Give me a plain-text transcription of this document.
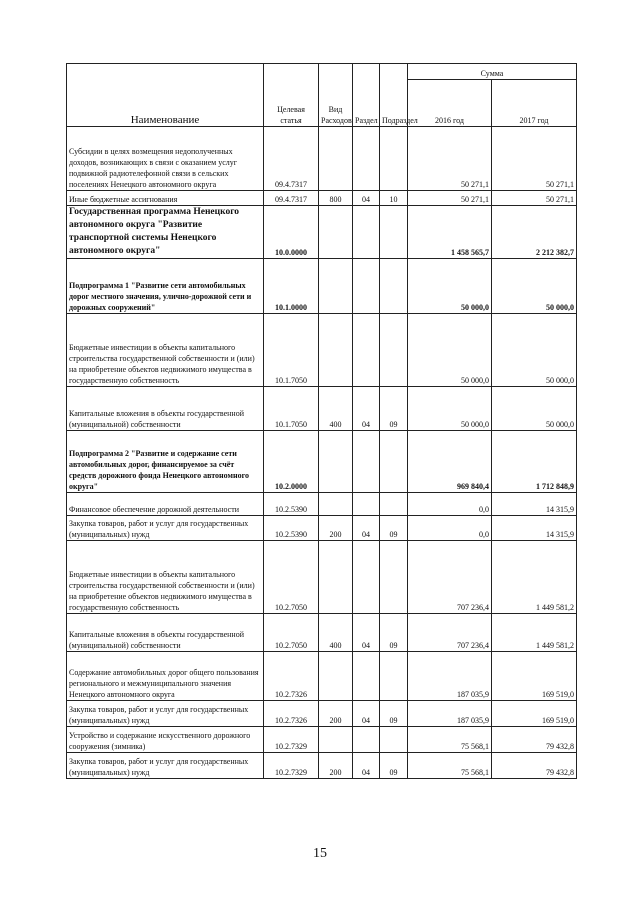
Наименование	Целевая статья	Вид Расходов	Раздел	Подраздел	Сумма	
					2016 год	2017 год
Субсидии в целях возмещения недополученных доходов, возникающих в связи с оказанием услуг подвижной радиотелефонной связи в сельских поселениях Ненецкого автономного округа	09.4.7317				50 271,1	50 271,1
Иные бюджетные ассигнования	09.4.7317	800	04	10	50 271,1	50 271,1
Государственная программа Ненецкого автономного округа "Развитие транспортной системы Ненецкого автономного округа"	10.0.0000				1 458 565,7	2 212 382,7
Подпрограмма 1 "Развитие сети автомобильных дорог местного значения, улично-дорожной сети и дорожных сооружений"	10.1.0000				50 000,0	50 000,0
Бюджетные инвестиции в объекты капитального строительства государственной собственности и (или) на приобретение объектов недвижимого имущества в государственную собственность	10.1.7050				50 000,0	50 000,0
Капитальные вложения в объекты государственной (муниципальной) собственности	10.1.7050	400	04	09	50 000,0	50 000,0
Подпрограмма 2 "Развитие и содержание сети автомобильных дорог, финансируемое за счёт средств дорожного фонда Ненецкого автономного округа"	10.2.0000				969 840,4	1 712 848,9
Финансовое обеспечение дорожной деятельности	10.2.5390				0,0	14 315,9
Закупка товаров, работ и услуг для государственных (муниципальных) нужд	10.2.5390	200	04	09	0,0	14 315,9
Бюджетные инвестиции в объекты капитального строительства государственной собственности и (или) на приобретение объектов недвижимого имущества в государственную собственность	10.2.7050				707 236,4	1 449 581,2
Капитальные вложения в объекты государственной (муниципальной) собственности	10.2.7050	400	04	09	707 236,4	1 449 581,2
Содержание автомобильных дорог общего пользования регионального и межмуниципального значения Ненецкого автономного округа	10.2.7326				187 035,9	169 519,0
Закупка товаров, работ и услуг для государственных (муниципальных) нужд	10.2.7326	200	04	09	187 035,9	169 519,0
Устройство и содержание искусственного дорожного сооружения (зимника)	10.2.7329				75 568,1	79 432,8
Закупка товаров, работ и услуг для государственных (муниципальных) нужд	10.2.7329	200	04	09	75 568,1	79 432,8
15
